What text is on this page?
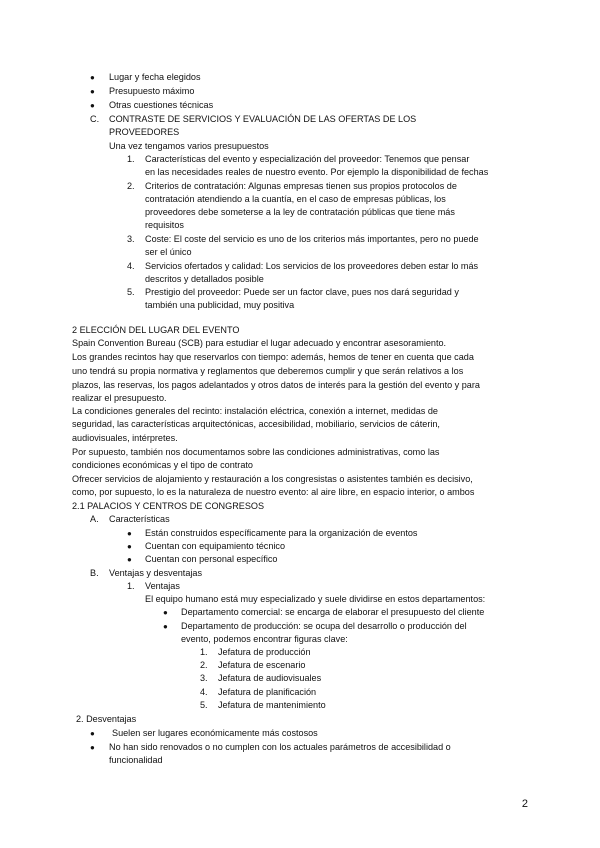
● Lugar y fecha elegidos
● Presupuesto máximo
● Otras cuestiones técnicas
C. CONTRASTE DE SERVICIOS Y EVALUACIÓN DE LAS OFERTAS DE LOS
PROVEEDORES
Una vez tengamos varios presupuestos
1. Características del evento y especialización del proveedor: Tenemos que pensar
en las necesidades reales de nuestro evento. Por ejemplo la disponibilidad de fechas
2. Criterios de contratación: Algunas empresas tienen sus propios protocolos de
contratación atendiendo a la cuantía, en el caso de empresas públicas, los
proveedores debe someterse a la ley de contratación públicas que tiene más
requisitos
3. Coste: El coste del servicio es uno de los criterios más importantes, pero no puede
ser el único
4. Servicios ofertados y calidad: Los servicios de los proveedores deben estar lo más
descritos y detallados posible
5. Prestigio del proveedor: Puede ser un factor clave, pues nos dará seguridad y
también una publicidad, muy positiva
2 ELECCIÓN DEL LUGAR DEL EVENTO
Spain Convention Bureau (SCB) para estudiar el lugar adecuado y encontrar asesoramiento.
Los grandes recintos hay que reservarlos con tiempo: además, hemos de tener en cuenta que cada
uno tendrá su propia normativa y reglamentos que deberemos cumplir y que serán relativos a los
plazos, las reservas, los pagos adelantados y otros datos de interés para la gestión del evento y para
realizar el presupuesto.
La condiciones generales del recinto: instalación eléctrica, conexión a internet, medidas de
seguridad, las características arquitectónicas, accesibilidad, mobiliario, servicios de cáterin,
audiovisuales, intérpretes.
Por supuesto, también nos documentamos sobre las condiciones administrativas, como las
condiciones económicas y el tipo de contrato
Ofrecer servicios de alojamiento y restauración a los congresistas o asistentes también es decisivo,
como, por supuesto, lo es la naturaleza de nuestro evento: al aire libre, en espacio interior, o ambos
2.1 PALACIOS Y CENTROS DE CONGRESOS
A. Características
● Están construidos específicamente para la organización de eventos
● Cuentan con equipamiento técnico
● Cuentan con personal específico
B. Ventajas y desventajas
1. Ventajas
El equipo humano está muy especializado y suele dividirse en estos departamentos:
● Departamento comercial: se encarga de elaborar el presupuesto del cliente
● Departamento de producción: se ocupa del desarrollo o producción del
evento, podemos encontrar figuras clave:
1. Jefatura de producción
2. Jefatura de escenario
3. Jefatura de audiovisuales
4. Jefatura de planificación
5. Jefatura de mantenimiento
2. Desventajas
● Suelen ser lugares económicamente más costosos
● No han sido renovados o no cumplen con los actuales parámetros de accesibilidad o
funcionalidad
2
